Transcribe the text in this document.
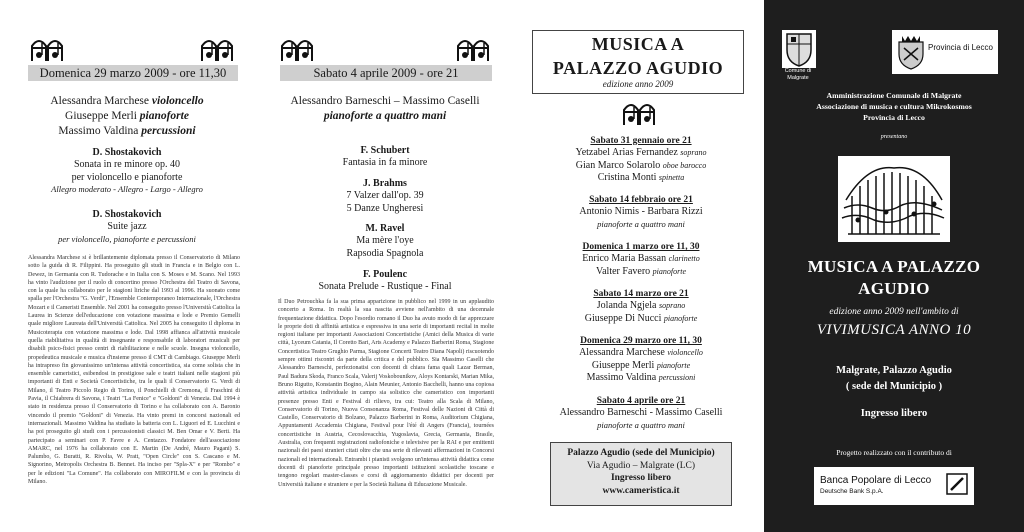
Domenica 29 marzo 2009 - ore 11,30
Alessandra Marchese violoncello
Giuseppe Merli pianoforte
Massimo Valdina percussioni
D. Shostakovich
Sonata in re minore op. 40
per violoncello e pianoforte
Allegro moderato - Allegro - Largo - Allegro
D. Shostakovich
Suite jazz
per violoncello, pianoforte e percussioni
Alessandra Marchese si è brillantemente diplomata presso il Conservatorio di Milano sotto la guida di R. Filippini. Ha proseguito gli studi in Francia e in Belgio con L. Dewez, in Germania con R. Tudorache e in Italia con S. Moses e M. Scano. Nel 1993 ha vinto l'audizione per il ruolo di concertino presso l'Orchestra del Teatro di Savona, con la quale ha collaborato per le stagioni liriche dal 1993 al 1996. Ha suonato come spalla per l'Orchestra "G. Verdi", l'Ensemble Contemporaneo Internazionale, l'Orchestra Mozart e il Cameristi Ensemble. Nel 2001 ha conseguito presso l'Università Cattolica la Laurea in Scienze dell'educazione con votazione massima e lode e Premio Gemelli quale migliore Laureata dell'Università Cattolica. Nel 2005 ha conseguito il diploma in Musicoterapia con votazione massima e lode. Dal 1998 affianca all'attività musicale quella riabilitativa in qualità di insegnante e responsabile di laboratori musicali per disabili psico-fisici presso centri di riabilitazione e nelle scuole. Insegna violoncello, propedeutica musicale e musica d'insieme presso il CMT di Cambiago. Giuseppe Merli ha intrapreso fin giovanissimo un'intensa attività concertistica, sia come solista che in ensemble cameristici, esibendosi in prestigiose sale e teatri italiani nelle stagioni più importanti di Enti e Società Concertistiche, tra le quali il Conservatorio G. Verdi di Milano, il Teatro Piccolo Regio di Torino, il Ponchielli di Cremona, il Fraschini di Pavia, il Chiabrera di Savona, i Teatri "La Fenice" e "Goldoni" di Venezia. Dal 1994 è stato in residenza presso il Conservatorio di Torino e ha collaborato con A. Baronio vincendo il premio "Goldoni" di Venezia. Ha vinto premi in concorsi nazionali ed internazionali. Massimo Valdina ha studiato la batteria con L. Liguori ed E. Lucchini e ha poi proseguito gli studi con i percussionisti classici M. Ben Omar e V. Berti. Ha partecipato a seminari con P. Favre e A. Centazzo. Fondatore dell'associazione AMARC, nel 1976 ha collaborato con E. Martin (De André, Mauro Pagani) S. Palumbo, G. Buratti, R. Rivolta, W. Pratt, "Open Circle" con S. Cascano e M. Signorino, Metropolis Orchestra B. Bennet. Ha inciso per "Spla-X" e per "Rombo" e per le edizioni "La Comune". Ha collaborato con MIROFILM e con la provincia di Milano.
Sabato 4 aprile 2009 - ore 21
Alessandro Barneschi – Massimo Caselli
pianoforte a quattro mani
F. Schubert
Fantasia in fa minore
J. Brahms
7 Valzer dall'op. 39
5 Danze Ungheresi
M. Ravel
Ma mère l'oye
Rapsodia Spagnola
F. Poulenc
Sonata Prelude - Rustique - Final
Il Duo Petrouchka fa la sua prima apparizione in pubblico nel 1999 in un applaudito concerto a Roma. In realtà la sua nascita avviene nell'ambito di una decennale frequentazione didattica. Dopo l'esordio romano il Duo ha avuto modo di far apprezzare le proprie doti di affinità artistica e espressiva in una serie di importanti recital in molte regioni italiane per importanti Associazioni Concertistiche (Amici della Musica di varie città, Lyceum Catania, Il Coretto Bari, Arts Academy e Palazzo Barberini Roma, Stagione Concertistica Teatro Grughio Parma, Stagione Concerti Teatro Diana Napoli) riscuotendo sempre ottimi riscontri da parte della critica e del pubblico. Sia Massimo Caselli che Alessandro Barneschi, perfezionatisi con docenti di chiara fama quali Lazar Berman, Paul Badura Skoda, Franco Scala, Valerij Voskobounikov, Aloys Kontarski, Marian Mika, Bruno Rigutto, Konstantin Bogino, Alain Meunier, Antonio Bacchelli, hanno una copiosa attività artistica individuale in campo sia solistico che cameristico con importanti presenze presso Enti e Festival di rilievo, tra cui: Teatro alla Scala di Milano, Conservatorio di Torino, Nuova Consonanza Roma, Festival delle Nazioni di Città di Castello, Conservatorio di Bolzano, Palazzo Barberini in Roma, Auditorium Chigiana, Appuntamenti Accademia Chigiana, Festival pour l'été di Angers (Francia), tournées concertistiche in Austria, Cecoslovacchia, Yugoslavia, Grecia, Germania, Brasile, Australia, con frequenti registrazioni radiofoniche e televisive per la RAI e per emittenti nazionali dei paesi stranieri citati oltre che una serie di rilevanti affermazioni in Concorsi nazionali ed internazionali. Entrambi i pianisti svolgono un'intensa attività didattica come docenti di pianoforte principale presso importanti istituzioni scolastiche toscane e tengono regolari master-classes e corsi di aggiornamento didattici per docenti per Università italiane e straniere e per la Società Italiana di Educazione Musicale.
MUSICA A
PALAZZO AGUDIO
edizione anno 2009
Sabato 31 gennaio ore 21
Yetzabel Arias Fernandez soprano
Gian Marco Solarolo oboe barocco
Cristina Monti spinetta
Sabato 14 febbraio ore 21
Antonio Nimis - Barbara Rizzi
pianoforte a quattro mani
Domenica 1 marzo ore 11, 30
Enrico Maria Bassan clarinetto
Valter Favero pianoforte
Sabato 14 marzo ore 21
Jolanda Ngjela soprano
Giuseppe Di Nucci pianoforte
Domenica 29 marzo ore 11, 30
Alessandra Marchese violoncello
Giuseppe Merli pianoforte
Massimo Valdina percussioni
Sabato 4 aprile ore 21
Alessandro Barneschi - Massimo Caselli
pianoforte a quattro mani
Palazzo Agudio (sede del Municipio)
Via Agudio – Malgrate (LC)
Ingresso libero
www.cameristica.it
Comune di Malgrate
Provincia di Lecco
Amministrazione Comunale di Malgrate
Associazione di musica e cultura Mikrokosmos
Provincia di Lecco
presentano
MUSICA A PALAZZO
AGUDIO
edizione anno 2009 nell'ambito di
VIVIMUSICA ANNO 10
Malgrate, Palazzo Agudio
( sede del Municipio )
Ingresso libero
Progetto realizzato con il contributo di
Banca Popolare di Lecco
Deutsche Bank S.p.A.
